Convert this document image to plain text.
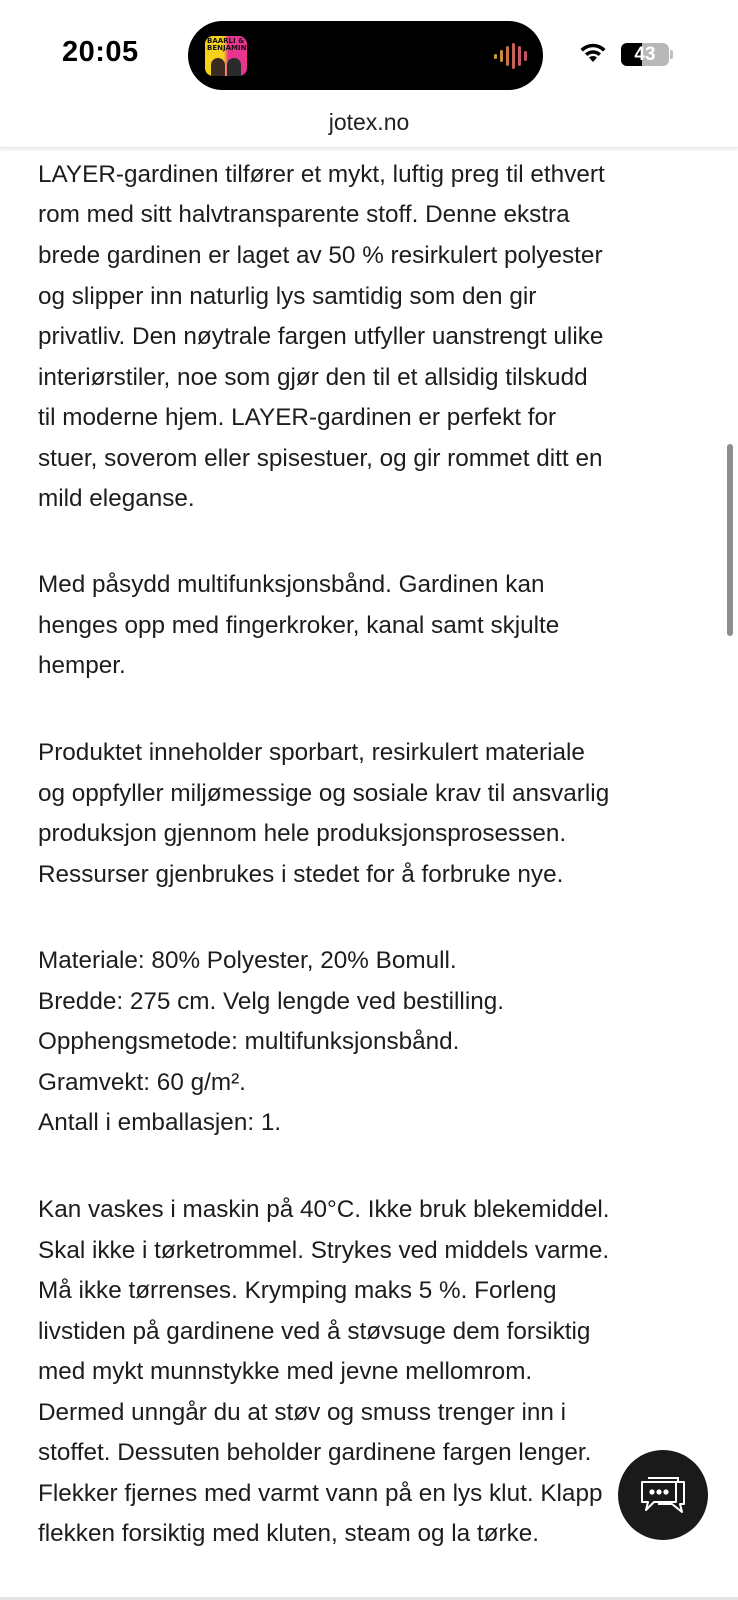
20:05	BAARLI & BENJAMIN	43
jotex.no
LAYER-gardinen tilfører et mykt, luftig preg til ethvert
rom med sitt halvtransparente stoff. Denne ekstra
brede gardinen er laget av 50 % resirkulert polyester
og slipper inn naturlig lys samtidig som den gir
privatliv. Den nøytrale fargen utfyller uanstrengt ulike
interiørstiler, noe som gjør den til et allsidig tilskudd
til moderne hjem. LAYER-gardinen er perfekt for
stuer, soverom eller spisestuer, og gir rommet ditt en
mild eleganse.
Med påsydd multifunksjonsbånd. Gardinen kan
henges opp med fingerkroker, kanal samt skjulte
hemper.
Produktet inneholder sporbart, resirkulert materiale
og oppfyller miljømessige og sosiale krav til ansvarlig
produksjon gjennom hele produksjonsprosessen.
Ressurser gjenbrukes i stedet for å forbruke nye.
Materiale: 80% Polyester, 20% Bomull.
Bredde: 275 cm. Velg lengde ved bestilling.
Opphengsmetode: multifunksjonsbånd.
Gramvekt: 60 g/m².
Antall i emballasjen: 1.
Kan vaskes i maskin på 40°C. Ikke bruk blekemiddel.
Skal ikke i tørketrommel. Strykes ved middels varme.
Må ikke tørrenses. Krymping maks 5 %. Forleng
livstiden på gardinene ved å støvsuge dem forsiktig
med mykt munnstykke med jevne mellomrom.
Dermed unngår du at støv og smuss trenger inn i
stoffet. Dessuten beholder gardinene fargen lenger.
Flekker fjernes med varmt vann på en lys klut. Klapp
flekken forsiktig med kluten, steam og la tørke.
